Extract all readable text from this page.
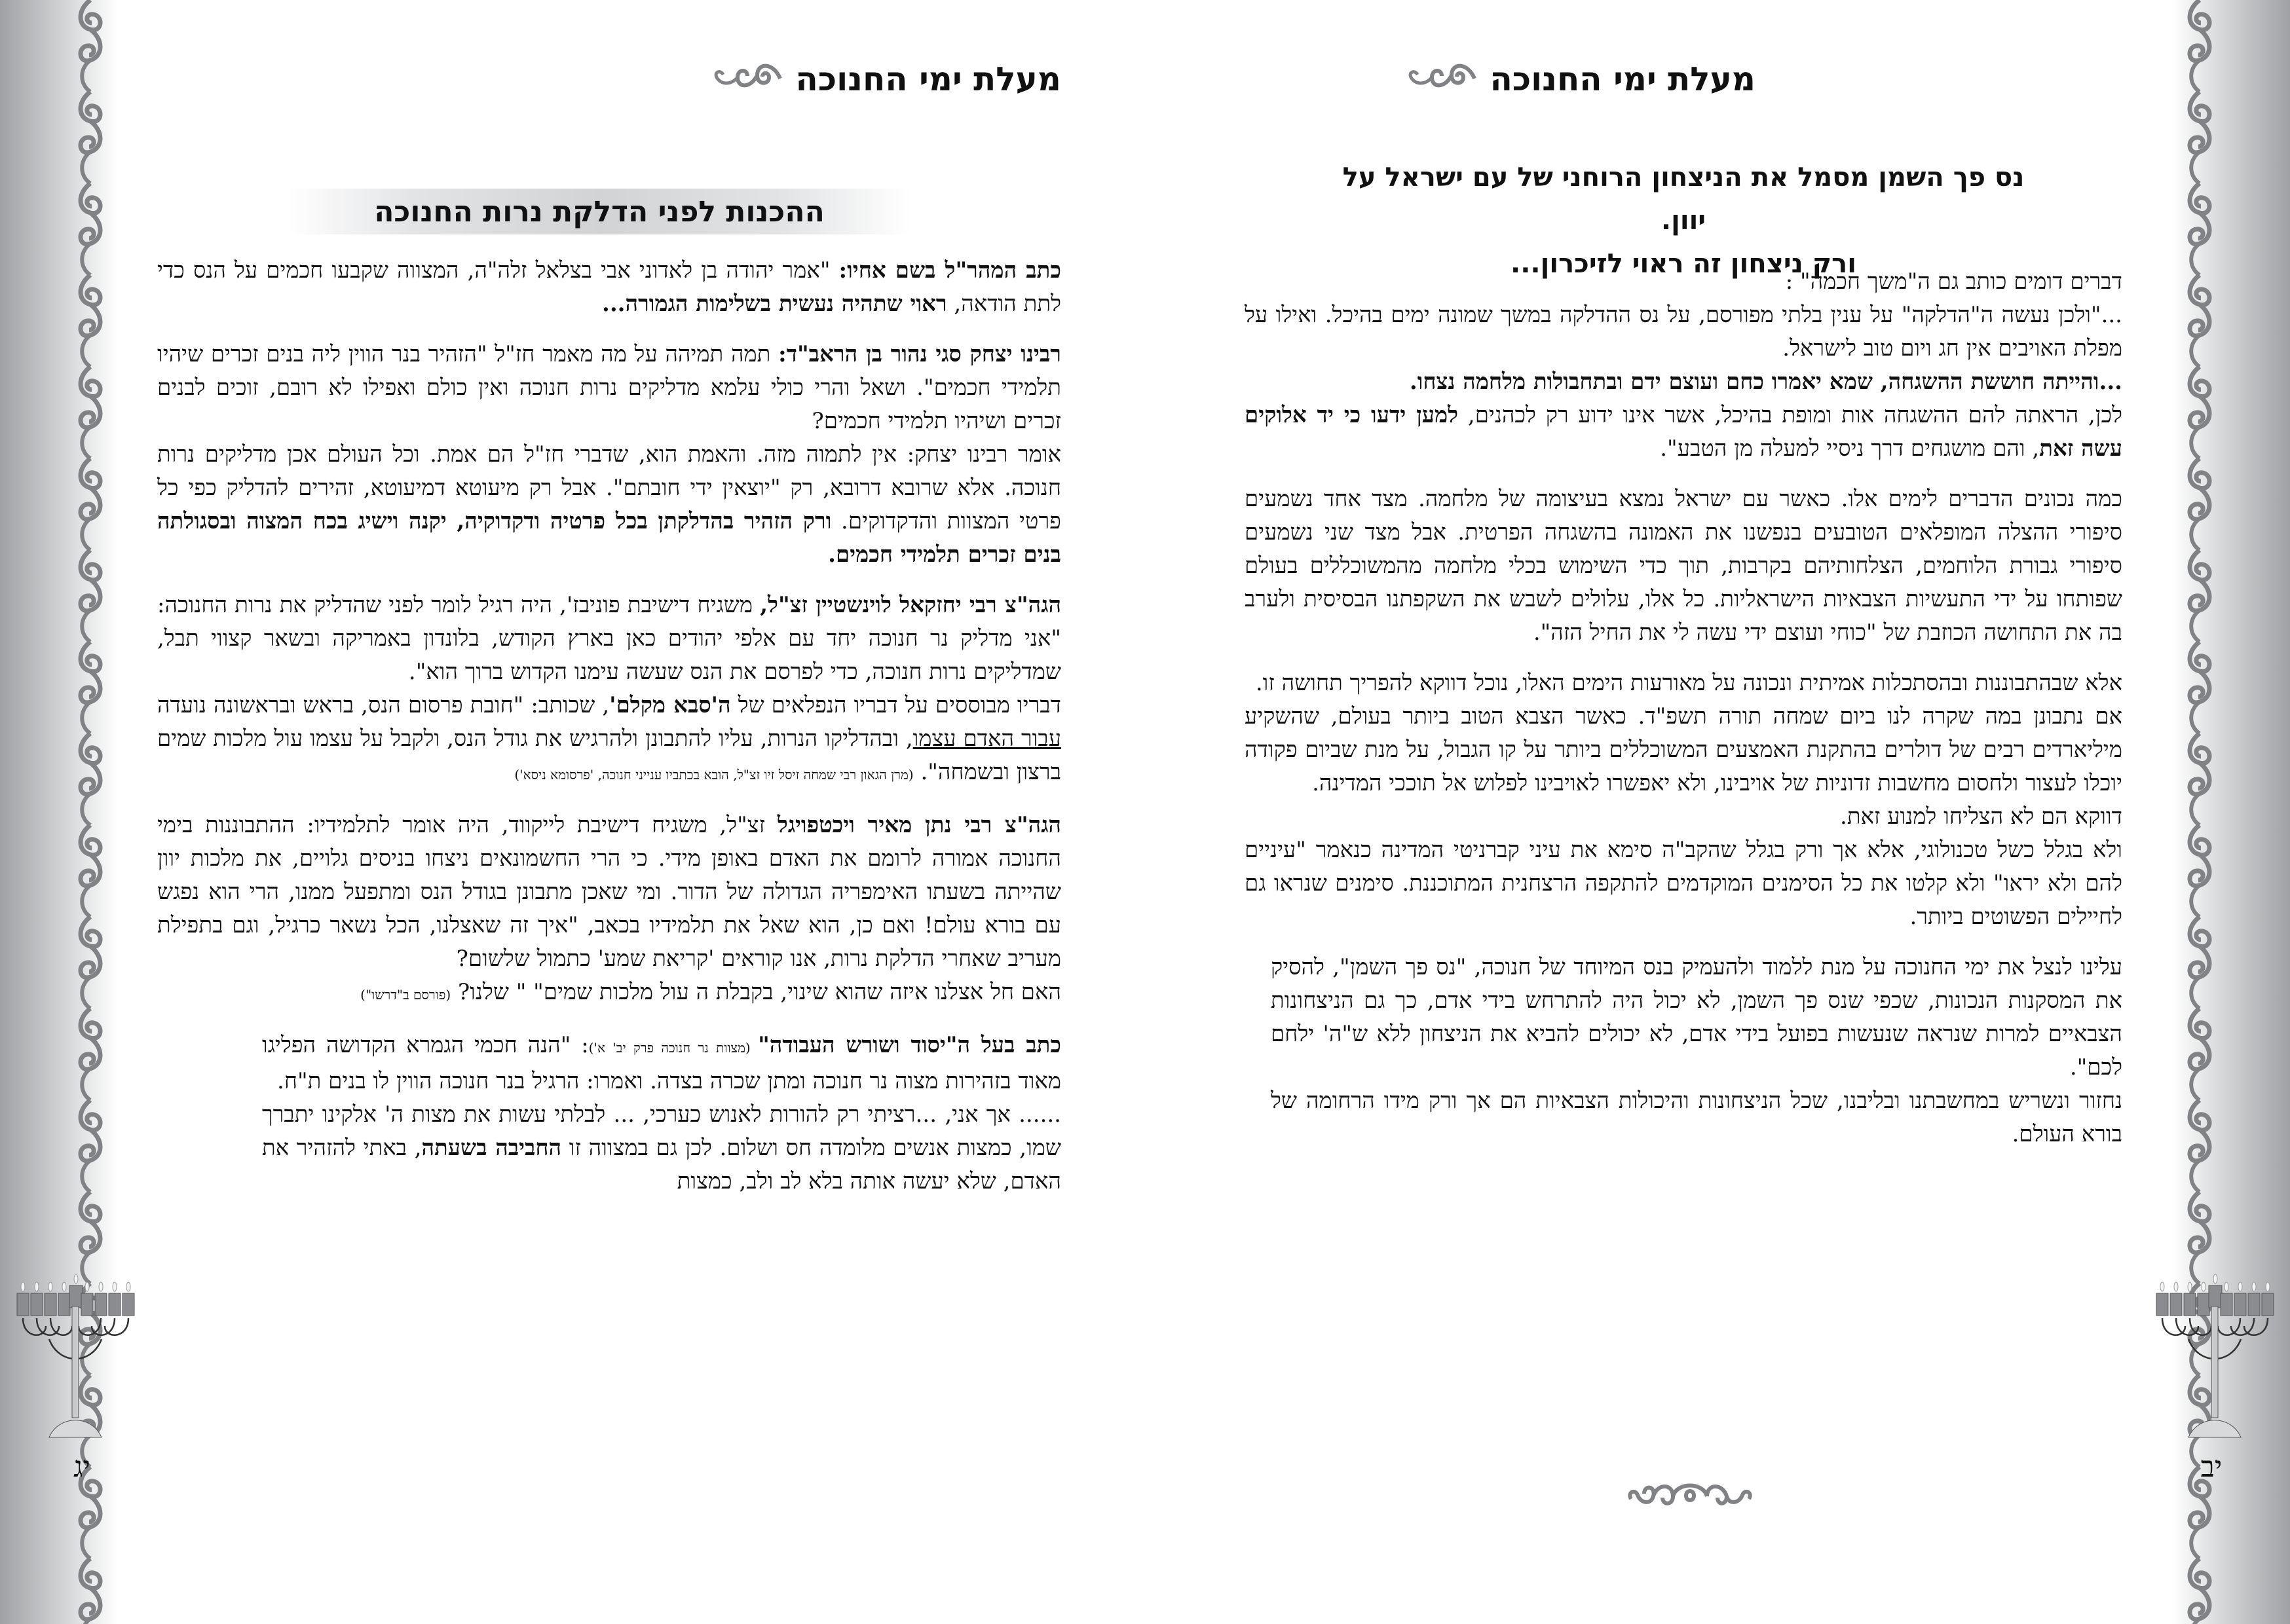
מעלת ימי החנוכה
ההכנות לפני הדלקת נרות החנוכה

כתב המהר"ל בשם אחיו: "אמר יהודה בן לאדוני אבי בצלאל זלה"ה, המצווה שקבעו חכמים על הנס כדי לתת הודאה, ראוי שתהיה נעשית בשלימות הגמורה...

רבינו יצחק סגי נהור בן הראב"ד: תמה תמיהה על מה מאמר חז"ל "הזהיר בנר הווין ליה בנים זכרים שיהיו תלמידי חכמים". ושאל והרי כולי עלמא מדליקים נרות חנוכה ואין כולם ואפילו לא רובם, זוכים לבנים זכרים ושיהיו תלמידי חכמים?

אומר רבינו יצחק: אין לתמוה מזה. והאמת הוא, שדברי חז"ל הם אמת. וכל העולם אכן מדליקים נרות חנוכה. אלא שרובא דרובא, רק "יוצאין ידי חובתם". אבל רק מיעוטא דמיעוטא, זהירים להדליק כפי כל פרטי המצוות והדקדוקים. ורק הזהיר בהדלקתן בכל פרטיה ודקדוקיה, יקנה וישיג בכח המצוה ובסגולתה בנים זכרים תלמידי חכמים.

הגה"צ רבי יחזקאל לוינשטיין זצ"ל, משגיח דישיבת פוניבז', היה רגיל לומר לפני שהדליק את נרות החנוכה: "אני מדליק נר חנוכה יחד עם אלפי יהודים כאן בארץ הקודש, בלונדון באמריקה ובשאר קצווי תבל, שמדליקים נרות חנוכה, כדי לפרסם את הנס שעשה עימנו הקדוש ברוך הוא".

דבריו מבוססים על דבריו הנפלאים של ה'סבא מקלם', שכותב: "חובת פרסום הנס, בראש ובראשונה נועדה עבור האדם עצמו, ובהדליקו הנרות, עליו להתבונן ולהרגיש את גודל הנס, ולקבל על עצמו עול מלכות שמים ברצון ובשמחה". (מרן הגאון רבי שמחה זיסל זיו זצ"ל, הובא בכתביו ענייני חנוכה, 'פרסומא ניסא')

הגה"צ רבי נתן מאיר ויכטפויגל זצ"ל, משגיח דישיבת לייקווד, היה אומר לתלמידיו: ההתבוננות בימי החנוכה אמורה לרומם את האדם באופן מידי. כי הרי החשמונאים ניצחו בניסים גלויים, את מלכות יוון שהייתה בשעתו האימפריה הגדולה של הדור. ומי שאכן מתבונן בגודל הנס ומתפעל ממנו, הרי הוא נפגש עם בורא עולם! ואם כן, הוא שאל את תלמידיו בכאב, "איך זה שאצלנו, הכל נשאר כרגיל, וגם בתפילת מעריב שאחרי הדלקת נרות, אנו קוראים 'קריאת שמע' כתמול שלשום?
האם חל אצלנו איזה שהוא שינוי, בקבלת ה עול מלכות שמים" " שלנו? (פורסם ב"דרשו")

כתב בעל ה"יסוד ושורש העבודה" (מצוות נר חנוכה פרק יב' א'): "הנה חכמי הגמרא הקדושה הפליגו מאוד בזהירות מצוה נר חנוכה ומתן שכרה בצדה. ואמרו: הרגיל בנר חנוכה הווין לו בנים ת"ח.
...... אך אני, ...רציתי רק להורות לאנוש כערכי, ... לבלתי עשות את מצות ה' אלקינו יתברך שמו, כמצות אנשים מלומדה חס ושלום. לכן גם במצווה זו החביבה בשעתה, באתי להזהיר את האדם, שלא יעשה אותה בלא לב ולב, כמצות

מעלת ימי החנוכה
נס פך השמן מסמל את הניצחון הרוחני של עם ישראל על יוון.
ורק ניצחון זה ראוי לזיכרון...

דברים דומים כותב גם ה"משך חכמה" :
..."ולכן נעשה ה"הדלקה" על ענין בלתי מפורסם, על נס ההדלקה במשך שמונה ימים בהיכל. ואילו על מפלת האויבים אין חג ויום טוב לישראל.
...והייתה חוששת ההשגחה, שמא יאמרו כחם ועוצם ידם ובתחבולות מלחמה נצחו.
לכן, הראתה להם ההשגחה אות ומופת בהיכל, אשר אינו ידוע רק לכהנים, למען ידעו כי יד אלוקים עשה זאת, והם מושגחים דרך ניסיי למעלה מן הטבע".

כמה נכונים הדברים לימים אלו. כאשר עם ישראל נמצא בעיצומה של מלחמה. מצד אחד נשמעים סיפורי ההצלה המופלאים הטובעים בנפשנו את האמונה בהשגחה הפרטית. אבל מצד שני נשמעים סיפורי גבורת הלוחמים, הצלחותיהם בקרבות, תוך כדי השימוש בכלי מלחמה מהמשוכללים בעולם שפותחו על ידי התעשיות הצבאיות הישראליות. כל אלו, עלולים לשבש את השקפתנו הבסיסית ולערב בה את התחושה הכוזבת של "כוחי ועוצם ידי עשה לי את החיל הזה".

אלא שבהתבוננות ובהסתכלות אמיתית ונכונה על מאורעות הימים האלו, נוכל דווקא להפריך תחושה זו.
אם נתבונן במה שקרה לנו ביום שמחה תורה תשפ"ד. כאשר הצבא הטוב ביותר בעולם, שהשקיע מיליארדים רבים של דולרים בהתקנת האמצעים המשוכללים ביותר על קו הגבול, על מנת שביום פקודה יוכלו לעצור ולחסום מחשבות זדוניות של אויבינו, ולא יאפשרו לאויבינו לפלוש אל תוככי המדינה.
דווקא הם לא הצליחו למנוע זאת.
ולא בגלל כשל טכנולוגי, אלא אך ורק בגלל שהקב"ה סימא את עיני קברניטי המדינה כנאמר "עיניים להם ולא יראו" ולא קלטו את כל הסימנים המוקדמים להתקפה הרצחנית המתוכננת. סימנים שנראו גם לחיילים הפשוטים ביותר.

עלינו לנצל את ימי החנוכה על מנת ללמוד ולהעמיק בנס המיוחד של חנוכה, "נס פך השמן", להסיק את המסקנות הנכונות, שכפי שנס פך השמן, לא יכול היה להתרחש בידי אדם, כך גם הניצחונות הצבאיים למרות שנראה שנעשות בפועל בידי אדם, לא יכולים להביא את הניצחון ללא ש"ה' ילחם לכם".
נחזור ונשריש במחשבתנו ובליבנו, שכל הניצחונות והיכולות הצבאיות הם אך ורק מידו הרחומה של בורא העולם.

יג	יב
